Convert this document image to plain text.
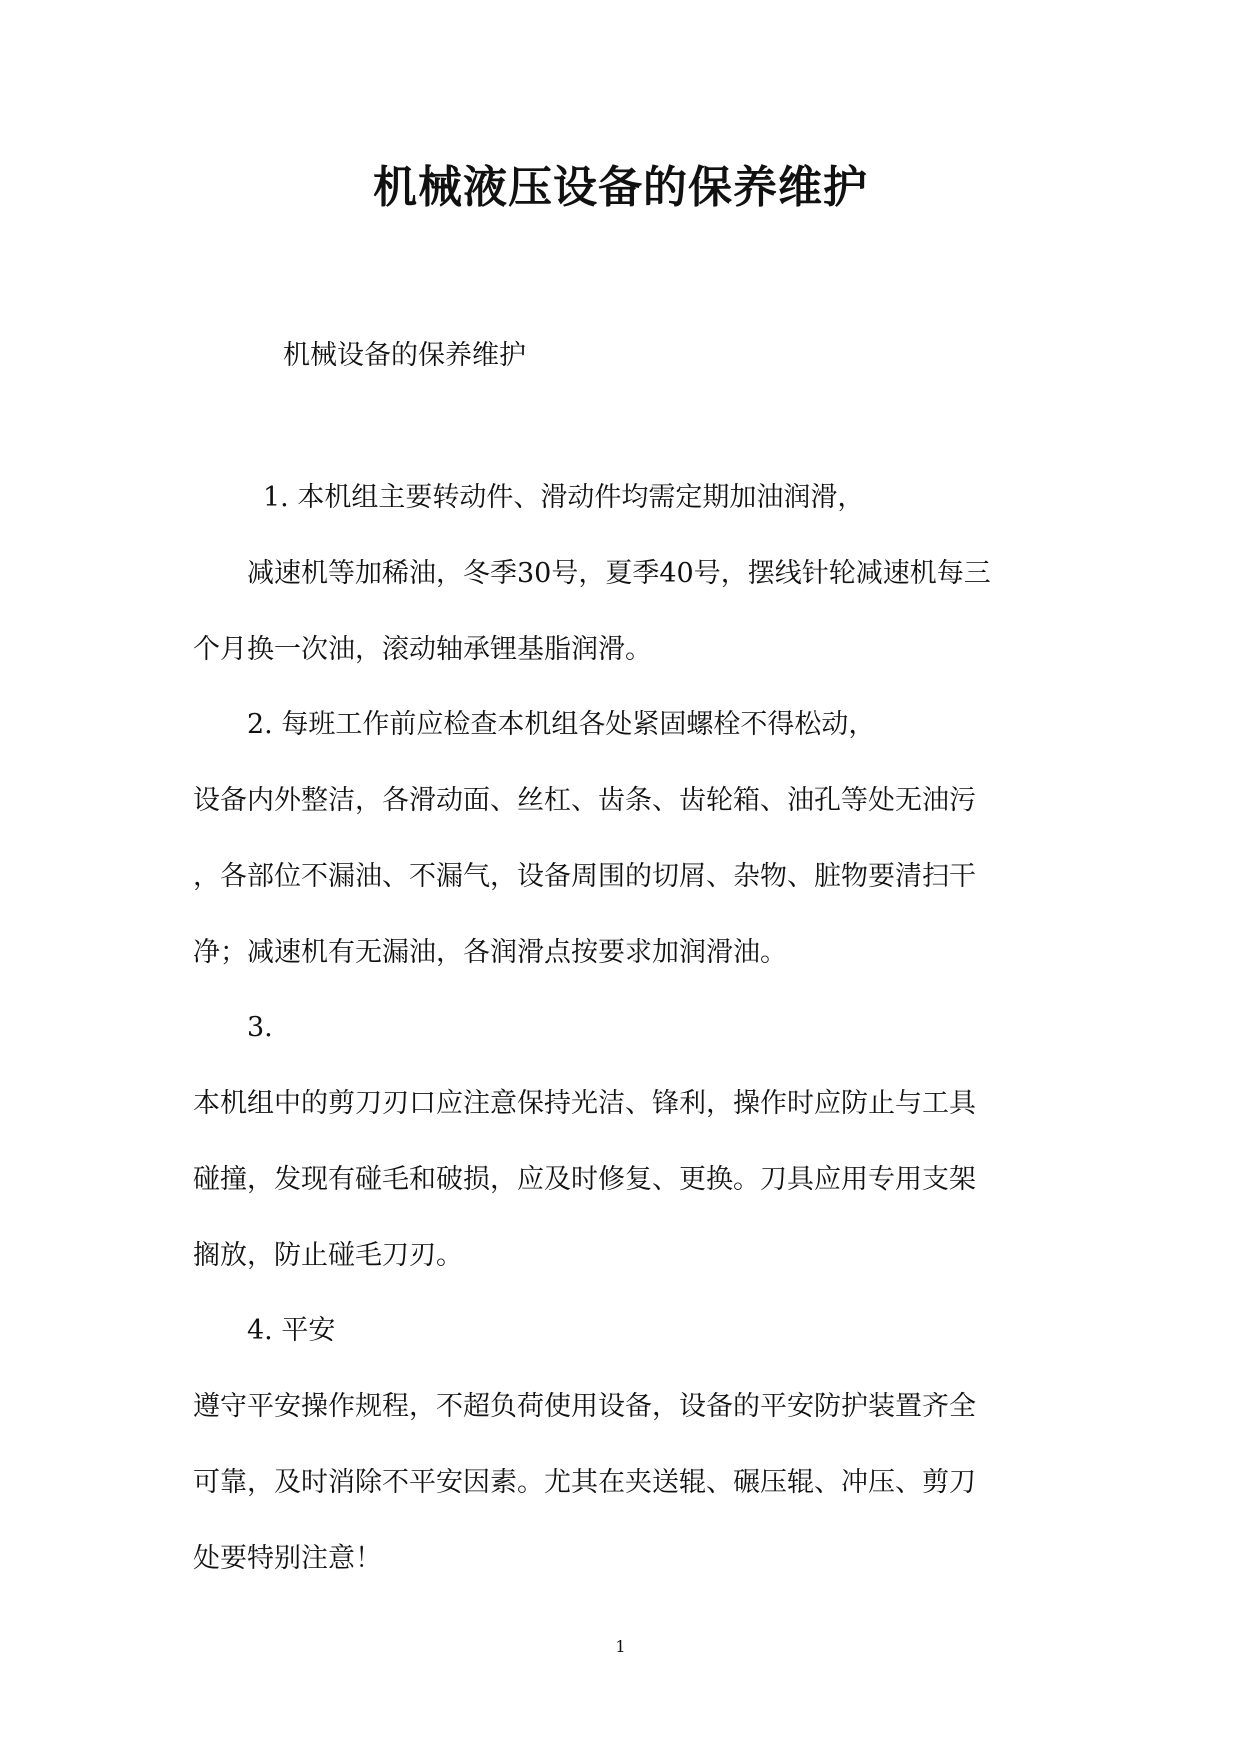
机械液压设备的保养维护
机械设备的保养维护
1. 本机组主要转动件、滑动件均需定期加油润滑，
减速机等加稀油，冬季30号，夏季40号，摆线针轮减速机每三
个月换一次油，滚动轴承锂基脂润滑。
2. 每班工作前应检查本机组各处紧固螺栓不得松动，
设备内外整洁，各滑动面、丝杠、齿条、齿轮箱、油孔等处无油污
，各部位不漏油、不漏气，设备周围的切屑、杂物、脏物要清扫干
净；减速机有无漏油，各润滑点按要求加润滑油。
3.
本机组中的剪刀刃口应注意保持光洁、锋利，操作时应防止与工具
碰撞，发现有碰毛和破损，应及时修复、更换。刀具应用专用支架
搁放，防止碰毛刀刃。
4. 平安
遵守平安操作规程，不超负荷使用设备，设备的平安防护装置齐全
可靠，及时消除不平安因素。尤其在夹送辊、碾压辊、冲压、剪刀
处要特别注意！
1
